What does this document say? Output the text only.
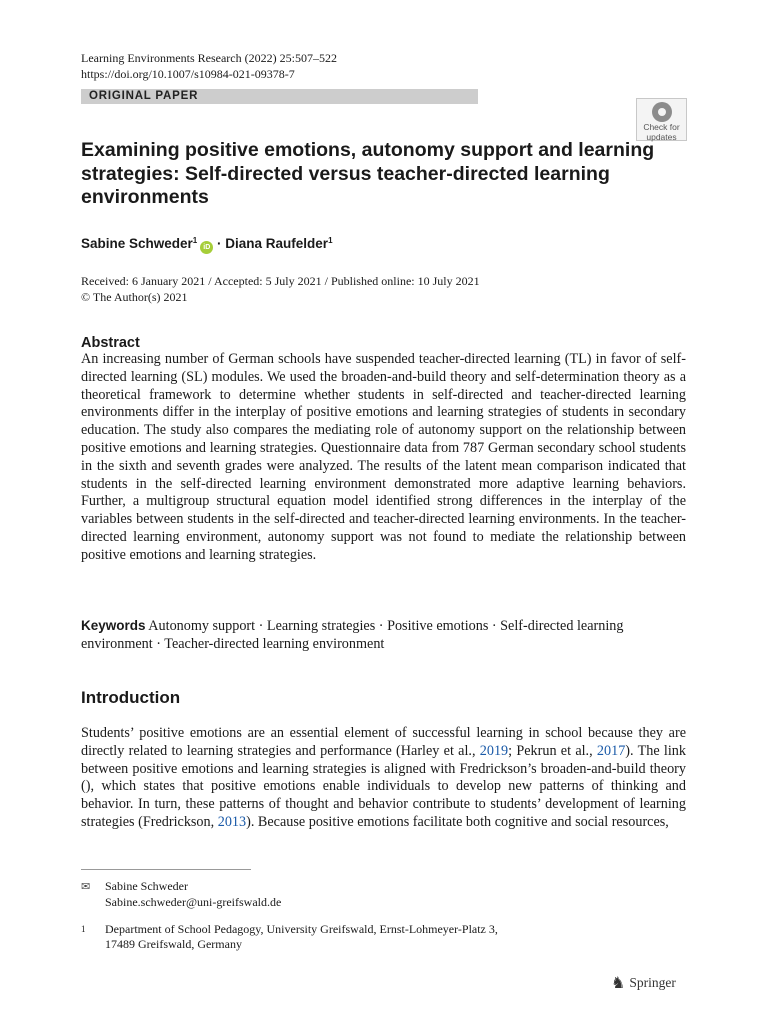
Learning Environments Research (2022) 25:507–522
https://doi.org/10.1007/s10984-021-09378-7
ORIGINAL PAPER
Check for
updates
Examining positive emotions, autonomy support and learning strategies: Self-directed versus teacher-directed learning environments
Sabine Schweder$^1$iD · Diana Raufelder$^1$
Received: 6 January 2021 / Accepted: 5 July 2021 / Published online: 10 July 2021
© The Author(s) 2021
Abstract

An increasing number of German schools have suspended teacher-directed learning (TL) in favor of self-directed learning (SL) modules. We used the broaden-and-build theory and self-determination theory as a theoretical framework to determine whether students in self-directed and teacher-directed learning environments differ in the interplay of positive emotions and learning strategies of students in secondary education. The study also compares the mediating role of autonomy support on the relationship between positive emotions and learning strategies. Questionnaire data from 787 German secondary school students in the sixth and seventh grades were analyzed. The results of the latent mean comparison indicated that students in the self-directed learning environment demonstrated more adaptive learning behaviors. Further, a multigroup structural equation model identified strong differences in the interplay of the variables between students in the self-directed and teacher-directed learning environments. In the teacher-directed learning environment, autonomy support was not found to mediate the relationship between positive emotions and learning strategies.

Keywords Autonomy support · Learning strategies · Positive emotions · Self-directed learning environment · Teacher-directed learning environment

Introduction

Students’ positive emotions are an essential element of successful learning in school because they are directly related to learning strategies and performance (Harley et al., 2019; Pekrun et al., 2017). The link between positive emotions and learning strategies is aligned with Fredrickson’s broaden-and-build theory (), which states that positive emotions enable individuals to develop new patterns of thinking and behavior. In turn, these patterns of thought and behavior contribute to students’ development of learning strategies (Fredrickson, 2013). Because positive emotions facilitate both cognitive and social resources,

✉ Sabine Schweder
Sabine.schweder@uni-greifswald.de
1 Department of School Pedagogy, University Greifswald, Ernst-Lohmeyer-Platz 3,
17489 Greifswald, Germany
♞ Springer
